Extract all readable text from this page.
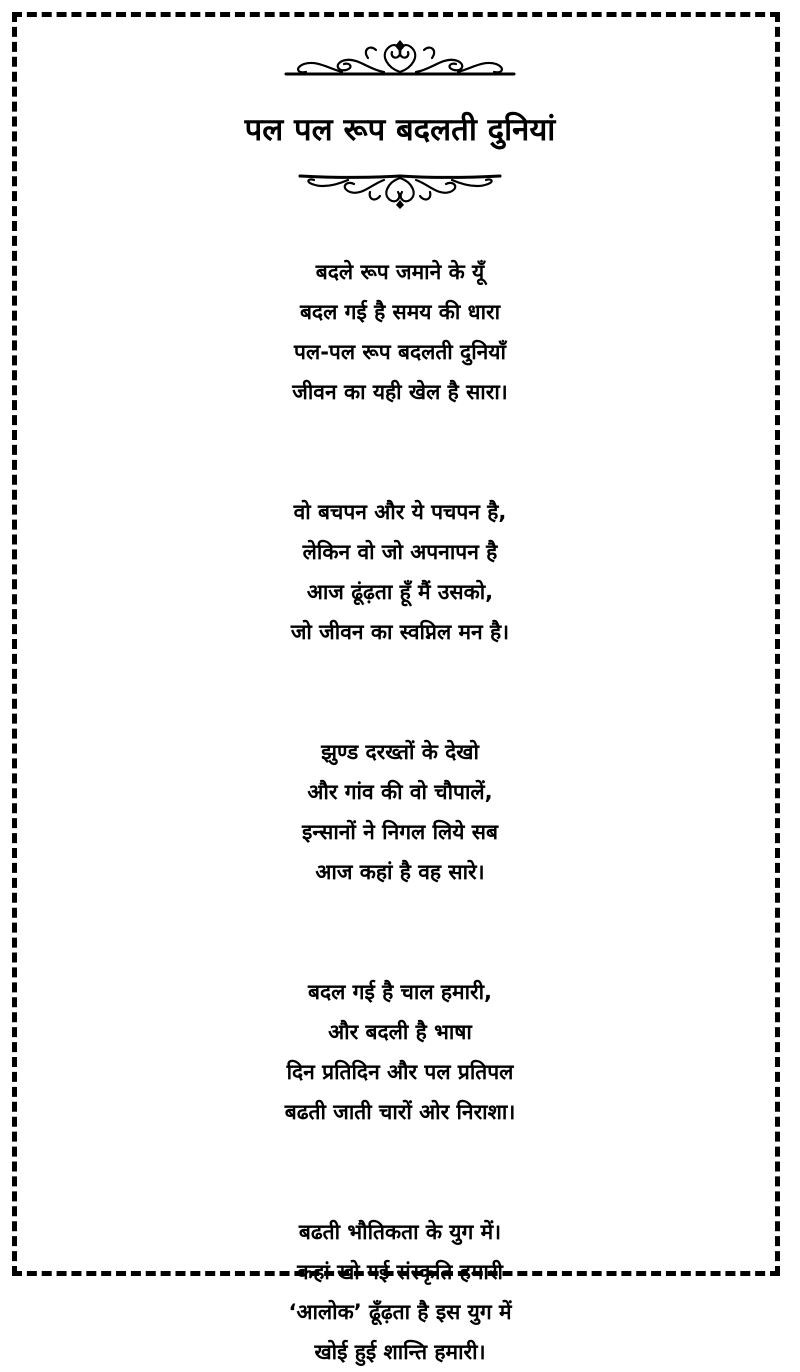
पल पल रूप बदलती दुनियां
बदले रूप जमाने के यूँ
बदल गई है समय की धारा
पल-पल रूप बदलती दुनियाँ
जीवन का यही खेल है सारा।
वो बचपन और ये पचपन है,
लेकिन वो जो अपनापन है
आज ढूंढ़ता हूँ मैं उसको,
जो जीवन का स्वप्निल मन है।
झुण्ड दरख्तों के देखो
और गांव की वो चौपालें,
इन्सानों ने निगल लिये सब
आज कहां है वह सारे।
बदल गई है चाल हमारी,
और बदली है भाषा
दिन प्रतिदिन और पल प्रतिपल
बढती जाती चारों ओर निराशा।
बढती भौतिकता के युग में।
कहां खो गई संस्कृति हमारी
‘आलोक’ ढूँढ़ता है इस युग में
खोई हुई शान्ति हमारी।
